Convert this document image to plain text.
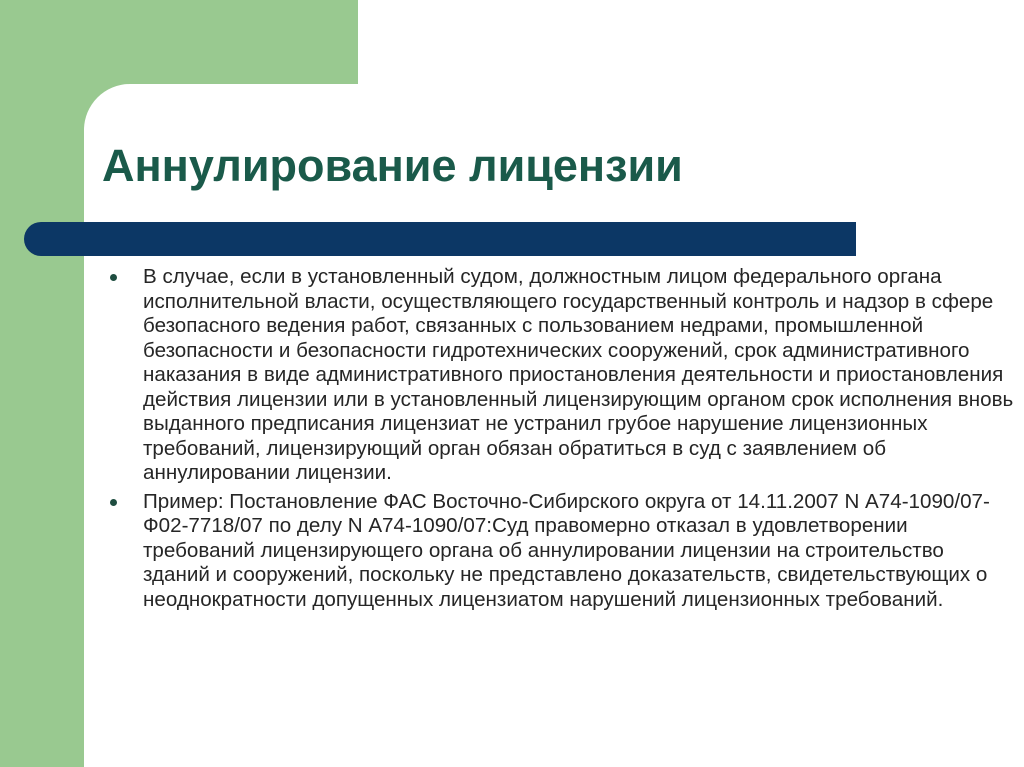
Аннулирование лицензии
В случае, если в установленный судом, должностным лицом федерального органа исполнительной власти, осуществляющего государственный контроль и надзор в сфере безопасного ведения работ, связанных с пользованием недрами, промышленной безопасности и безопасности гидротехнических сооружений, срок административного наказания в виде административного приостановления деятельности и приостановления действия лицензии или в установленный лицензирующим органом срок исполнения вновь выданного предписания лицензиат не устранил грубое нарушение лицензионных требований, лицензирующий орган обязан обратиться в суд с заявлением об аннулировании лицензии.
Пример: Постановление ФАС Восточно-Сибирского округа от 14.11.2007 N А74-1090/07-Ф02-7718/07 по делу N А74-1090/07:Суд правомерно отказал в удовлетворении требований лицензирующего органа об аннулировании лицензии на строительство зданий и сооружений, поскольку не представлено доказательств, свидетельствующих о неоднократности допущенных лицензиатом нарушений лицензионных требований.
